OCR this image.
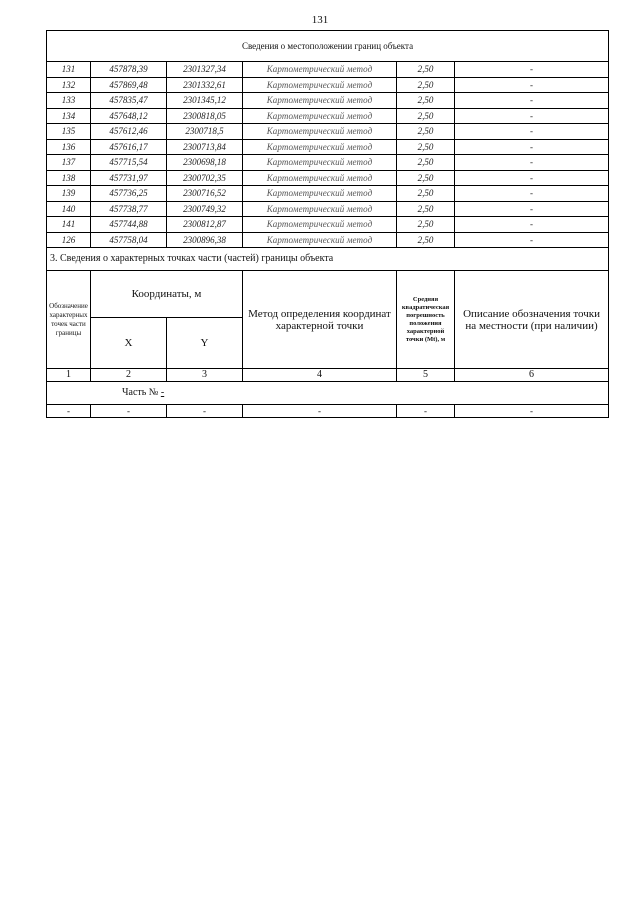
131
Сведения о местоположении границ объекта					
131	457878,39	2301327,34	Картометрический метод	2,50	-
132	457869,48	2301332,61	Картометрический метод	2,50	-
133	457835,47	2301345,12	Картометрический метод	2,50	-
134	457648,12	2300818,05	Картометрический метод	2,50	-
135	457612,46	2300718,5	Картометрический метод	2,50	-
136	457616,17	2300713,84	Картометрический метод	2,50	-
137	457715,54	2300698,18	Картометрический метод	2,50	-
138	457731,97	2300702,35	Картометрический метод	2,50	-
139	457736,25	2300716,52	Картометрический метод	2,50	-
140	457738,77	2300749,32	Картометрический метод	2,50	-
141	457744,88	2300812,87	Картометрический метод	2,50	-
126	457758,04	2300896,38	Картометрический метод	2,50	-
3. Сведения о характерных точках части (частей) границы объекта					
Обозначение характерных точек части границы	Координаты, м		Метод определения координат характерной точки	Средняя квадратическая погрешность положения характерной точки (Mt), м	Описание обозначения точки на местности (при наличии)
	X	Y			
1	2	3	4	5	6
Часть № -					
-	-	-	-	-	-
